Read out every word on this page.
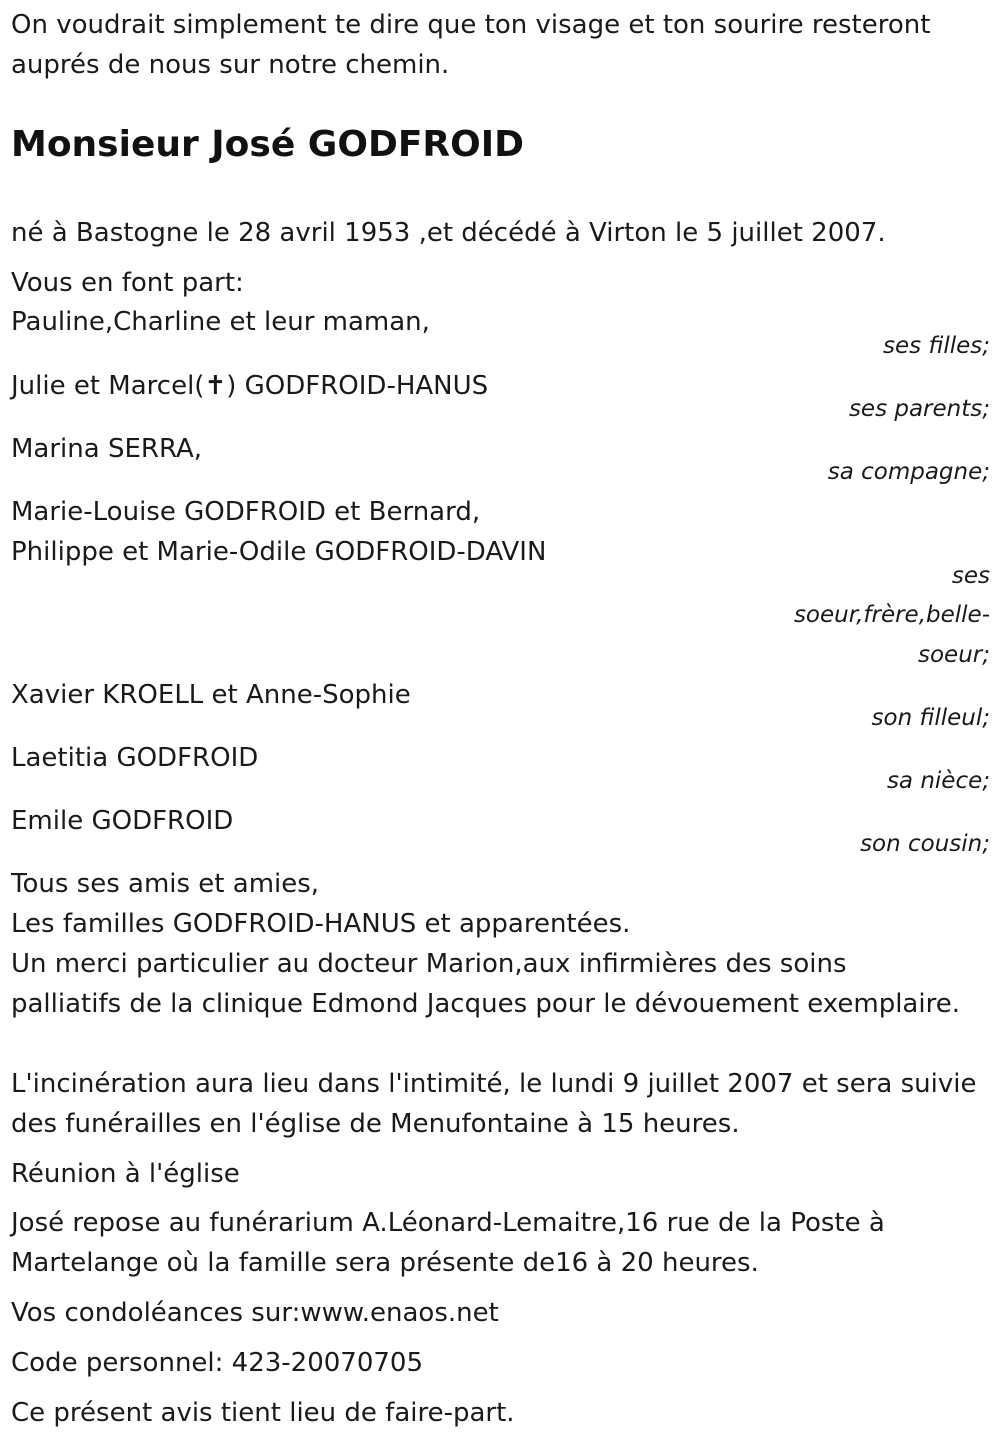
On voudrait simplement te dire que ton visage et ton sourire resteront

auprés de nous sur notre chemin.

Monsieur José GODFROID

né à Bastogne le 28 avril 1953 ,et décédé à Virton le 5 juillet 2007.

Vous en font part:

Pauline,Charline et leur maman,

ses filles;

Julie et Marcel(✝) GODFROID-HANUS

ses parents;

Marina SERRA,

sa compagne;

Marie-Louise GODFROID et Bernard,

Philippe et Marie-Odile GODFROID-DAVIN

ses

soeur,frère,belle-

soeur;

Xavier KROELL et Anne-Sophie

son filleul;

Laetitia GODFROID

sa nièce;

Emile GODFROID

son cousin;

Tous ses amis et amies,

Les familles GODFROID-HANUS et apparentées.

Un merci particulier au docteur Marion,aux infirmières des soins

palliatifs de la clinique Edmond Jacques pour le dévouement exemplaire.

L'incinération aura lieu dans l'intimité, le lundi 9 juillet 2007 et sera suivie

des funérailles en l'église de Menufontaine à 15 heures.

Réunion à l'église

José repose au funérarium A.Léonard-Lemaitre,16 rue de la Poste à

Martelange où la famille sera présente de16 à 20 heures.

Vos condoléances sur:www.enaos.net

Code personnel: 423-20070705

Ce présent avis tient lieu de faire-part.
